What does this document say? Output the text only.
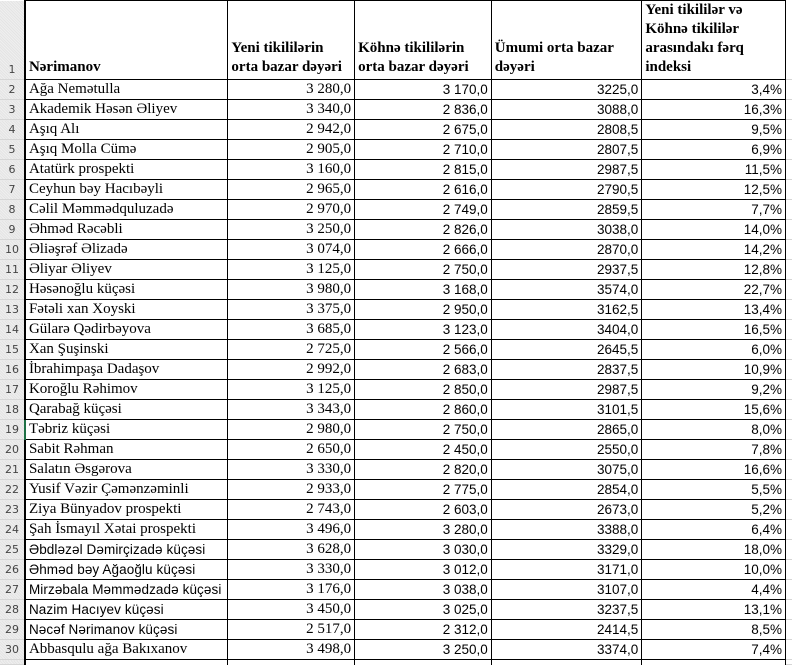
1	Nərimanov	Yeni tikililərin orta bazar dəyəri	Köhnə tikililərin orta bazar dəyəri	Ümumi orta bazar dəyəri	Yeni tikililər və Köhnə tikililər arasındakı fərq indeksi	
2	Ağa Nemətulla	3 280,0	3 170,0	3225,0	3,4%	
3	Akademik Həsən Əliyev	3 340,0	2 836,0	3088,0	16,3%	
4	Aşıq Alı	2 942,0	2 675,0	2808,5	9,5%	
5	Aşıq Molla Cümə	2 905,0	2 710,0	2807,5	6,9%	
6	Atatürk prospekti	3 160,0	2 815,0	2987,5	11,5%	
7	Ceyhun bəy Hacıbəyli	2 965,0	2 616,0	2790,5	12,5%	
8	Cəlil Məmmədquluzadə	2 970,0	2 749,0	2859,5	7,7%	
9	Əhməd Rəcəbli	3 250,0	2 826,0	3038,0	14,0%	
10	Əliəşrəf Əlizadə	3 074,0	2 666,0	2870,0	14,2%	
11	Əliyar Əliyev	3 125,0	2 750,0	2937,5	12,8%	
12	Həsənoğlu küçəsi	3 980,0	3 168,0	3574,0	22,7%	
13	Fətəli xan Xoyski	3 375,0	2 950,0	3162,5	13,4%	
14	Gülarə Qədirbəyova	3 685,0	3 123,0	3404,0	16,5%	
15	Xan Şuşinski	2 725,0	2 566,0	2645,5	6,0%	
16	İbrahimpaşa Dadaşov	2 992,0	2 683,0	2837,5	10,9%	
17	Koroğlu Rəhimov	3 125,0	2 850,0	2987,5	9,2%	
18	Qarabağ küçəsi	3 343,0	2 860,0	3101,5	15,6%	
19	Təbriz küçəsi	2 980,0	2 750,0	2865,0	8,0%	
20	Sabit Rəhman	2 650,0	2 450,0	2550,0	7,8%	
21	Salatın Əsgərova	3 330,0	2 820,0	3075,0	16,6%	
22	Yusif Vəzir Çəmənzəminli	2 933,0	2 775,0	2854,0	5,5%	
23	Ziya Bünyadov prospekti	2 743,0	2 603,0	2673,0	5,2%	
24	Şah İsmayıl Xətai prospekti	3 496,0	3 280,0	3388,0	6,4%	
25	Əbdləzəl Dəmirçizadə küçəsi	3 628,0	3 030,0	3329,0	18,0%	
26	Əhməd bəy Ağaoğlu küçəsi	3 330,0	3 012,0	3171,0	10,0%	
27	Mirzəbala Məmmədzadə küçəsi	3 176,0	3 038,0	3107,0	4,4%	
28	Nazim Hacıyev küçəsi	3 450,0	3 025,0	3237,5	13,1%	
29	Nəcəf Nərimanov küçəsi	2 517,0	2 312,0	2414,5	8,5%	
30	Abbasqulu ağa Bakıxanov	3 498,0	3 250,0	3374,0	7,4%	
